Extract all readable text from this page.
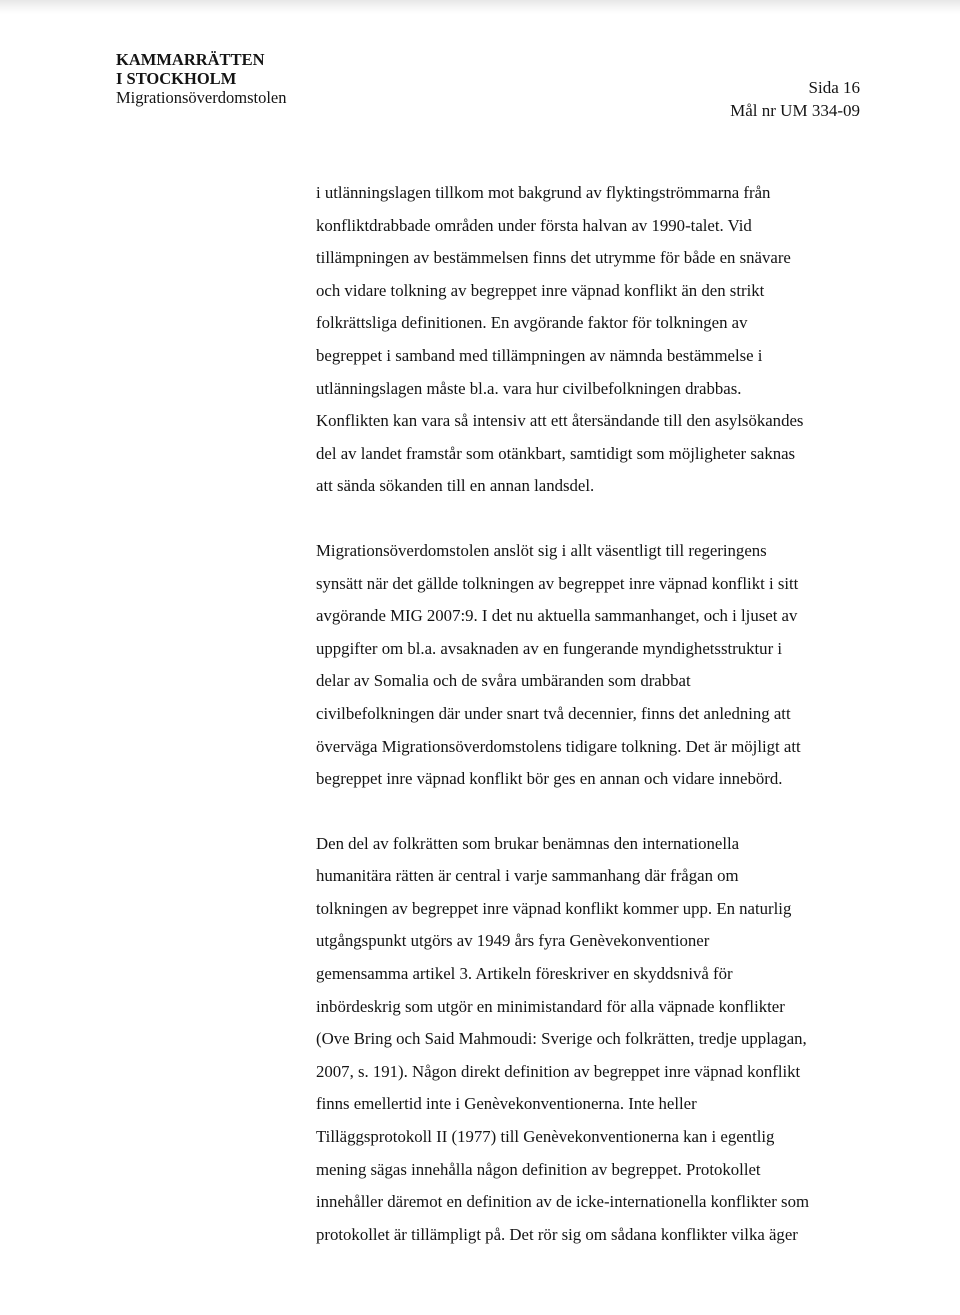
KAMMARRÄTTEN
I STOCKHOLM
Migrationsöverdomstolen
Sida 16
Mål nr UM 334-09

i utlänningslagen tillkom mot bakgrund av flyktingströmmarna från
konfliktdrabbade områden under första halvan av 1990-talet. Vid
tillämpningen av bestämmelsen finns det utrymme för både en snävare
och vidare tolkning av begreppet inre väpnad konflikt än den strikt
folkrättsliga definitionen. En avgörande faktor för tolkningen av
begreppet i samband med tillämpningen av nämnda bestämmelse i
utlänningslagen måste bl.a. vara hur civilbefolkningen drabbas.
Konflikten kan vara så intensiv att ett återsändande till den asylsökandes
del av landet framstår som otänkbart, samtidigt som möjligheter saknas
att sända sökanden till en annan landsdel.

Migrationsöverdomstolen anslöt sig i allt väsentligt till regeringens
synsätt när det gällde tolkningen av begreppet inre väpnad konflikt i sitt
avgörande MIG 2007:9. I det nu aktuella sammanhanget, och i ljuset av
uppgifter om bl.a. avsaknaden av en fungerande myndighetsstruktur i
delar av Somalia och de svåra umbäranden som drabbat
civilbefolkningen där under snart två decennier, finns det anledning att
överväga Migrationsöverdomstolens tidigare tolkning. Det är möjligt att
begreppet inre väpnad konflikt bör ges en annan och vidare innebörd.

Den del av folkrätten som brukar benämnas den internationella
humanitära rätten är central i varje sammanhang där frågan om
tolkningen av begreppet inre väpnad konflikt kommer upp. En naturlig
utgångspunkt utgörs av 1949 års fyra Genèvekonventioner
gemensamma artikel 3. Artikeln föreskriver en skyddsnivå för
inbördeskrig som utgör en minimistandard för alla väpnade konflikter
(Ove Bring och Said Mahmoudi: Sverige och folkrätten, tredje upplagan,
2007, s. 191). Någon direkt definition av begreppet inre väpnad konflikt
finns emellertid inte i Genèvekonventionerna. Inte heller
Tilläggsprotokoll II (1977) till Genèvekonventionerna kan i egentlig
mening sägas innehålla någon definition av begreppet. Protokollet
innehåller däremot en definition av de icke-internationella konflikter som
protokollet är tillämpligt på. Det rör sig om sådana konflikter vilka äger
